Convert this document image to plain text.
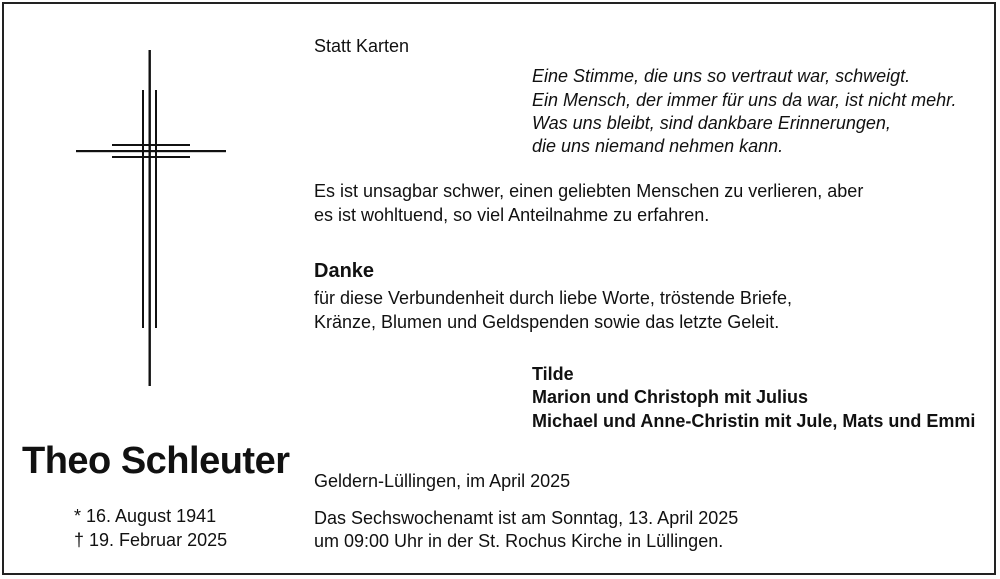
Statt Karten
Eine Stimme, die uns so vertraut war, schweigt.
Ein Mensch, der immer für uns da war, ist nicht mehr.
Was uns bleibt, sind dankbare Erinnerungen,
die uns niemand nehmen kann.
Es ist unsagbar schwer, einen geliebten Menschen zu verlieren, aber
es ist wohltuend, so viel Anteilnahme zu erfahren.
Danke
für diese Verbundenheit durch liebe Worte, tröstende Briefe,
Kränze, Blumen und Geldspenden sowie das letzte Geleit.
Tilde
Marion und Christoph mit Julius
Michael und Anne-Christin mit Jule, Mats und Emmi
Theo Schleuter
* 16. August 1941
† 19. Februar 2025
Geldern-Lüllingen, im April 2025
Das Sechswochenamt ist am Sonntag, 13. April 2025
um 09:00 Uhr in der St. Rochus Kirche in Lüllingen.
